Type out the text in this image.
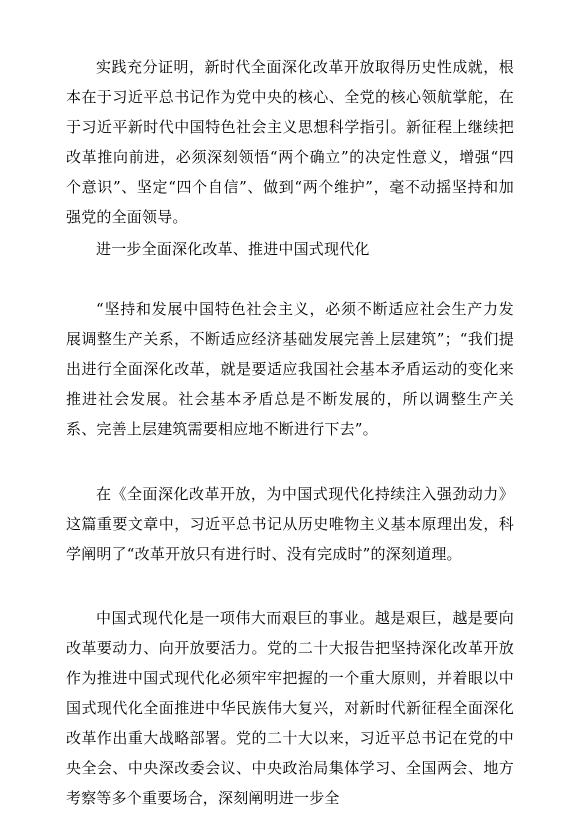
实践充分证明，新时代全面深化改革开放取得历史性成就，根本在于习近平总书记作为党中央的核心、全党的核心领航掌舵，在于习近平新时代中国特色社会主义思想科学指引。新征程上继续把改革推向前进，必须深刻领悟“两个确立”的决定性意义，增强“四个意识”、坚定“四个自信”、做到“两个维护”，毫不动摇坚持和加强党的全面领导。

进一步全面深化改革、推进中国式现代化

“坚持和发展中国特色社会主义，必须不断适应社会生产力发展调整生产关系，不断适应经济基础发展完善上层建筑”；“我们提出进行全面深化改革，就是要适应我国社会基本矛盾运动的变化来推进社会发展。社会基本矛盾总是不断发展的，所以调整生产关系、完善上层建筑需要相应地不断进行下去”。

在《全面深化改革开放，为中国式现代化持续注入强劲动力》这篇重要文章中，习近平总书记从历史唯物主义基本原理出发，科学阐明了“改革开放只有进行时、没有完成时”的深刻道理。

中国式现代化是一项伟大而艰巨的事业。越是艰巨，越是要向改革要动力、向开放要活力。党的二十大报告把坚持深化改革开放作为推进中国式现代化必须牢牢把握的一个重大原则，并着眼以中国式现代化全面推进中华民族伟大复兴，对新时代新征程全面深化改革作出重大战略部署。党的二十大以来，习近平总书记在党的中央全会、中央深改委会议、中央政治局集体学习、全国两会、地方考察等多个重要场合，深刻阐明进一步全
